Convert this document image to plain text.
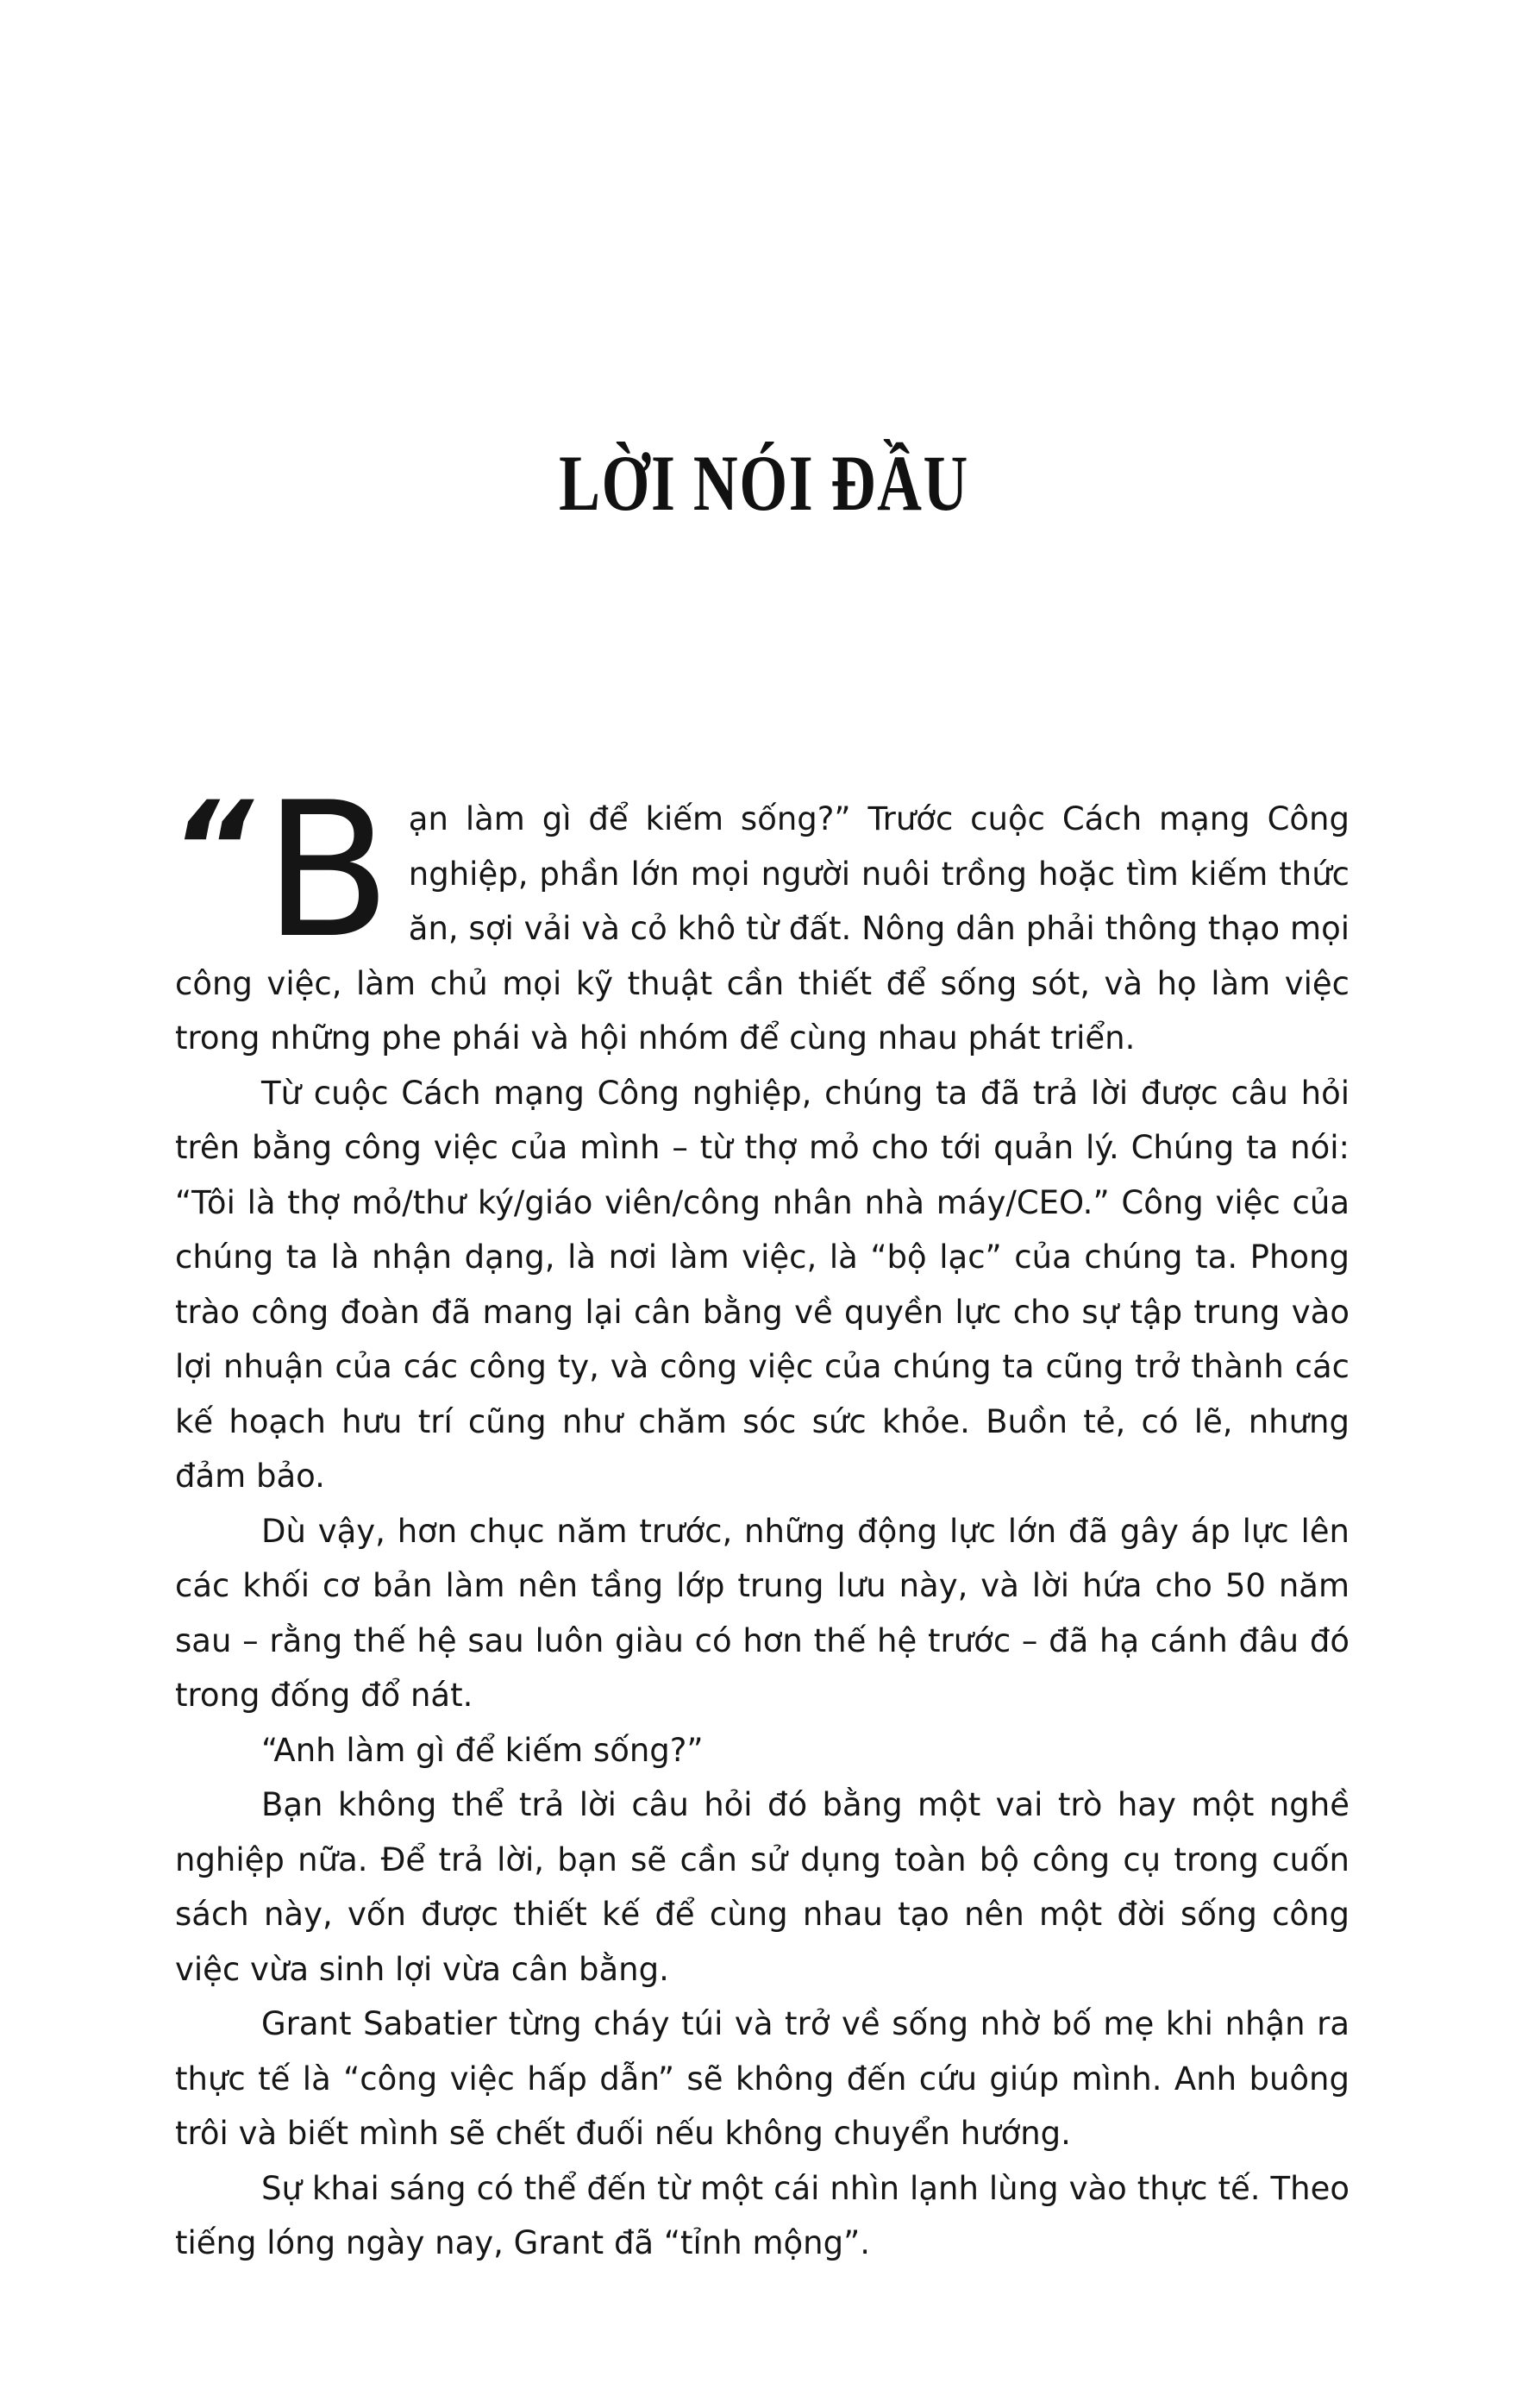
LỜI NÓI ĐẦU

“ B ạn làm gì để kiếm sống?” Trước cuộc Cách mạng Công nghiệp, phần lớn mọi người nuôi trồng hoặc tìm kiếm thức ăn, sợi vải và cỏ khô từ đất. Nông dân phải thông thạo mọi công việc, làm chủ mọi kỹ thuật cần thiết để sống sót, và họ làm việc trong những phe phái và hội nhóm để cùng nhau phát triển.

Từ cuộc Cách mạng Công nghiệp, chúng ta đã trả lời được câu hỏi trên bằng công việc của mình – từ thợ mỏ cho tới quản lý. Chúng ta nói: “Tôi là thợ mỏ/thư ký/giáo viên/công nhân nhà máy/CEO.” Công việc của chúng ta là nhận dạng, là nơi làm việc, là “bộ lạc” của chúng ta. Phong trào công đoàn đã mang lại cân bằng về quyền lực cho sự tập trung vào lợi nhuận của các công ty, và công việc của chúng ta cũng trở thành các kế hoạch hưu trí cũng như chăm sóc sức khỏe. Buồn tẻ, có lẽ, nhưng đảm bảo.

Dù vậy, hơn chục năm trước, những động lực lớn đã gây áp lực lên các khối cơ bản làm nên tầng lớp trung lưu này, và lời hứa cho 50 năm sau – rằng thế hệ sau luôn giàu có hơn thế hệ trước – đã hạ cánh đâu đó trong đống đổ nát.

“Anh làm gì để kiếm sống?”

Bạn không thể trả lời câu hỏi đó bằng một vai trò hay một nghề nghiệp nữa. Để trả lời, bạn sẽ cần sử dụng toàn bộ công cụ trong cuốn sách này, vốn được thiết kế để cùng nhau tạo nên một đời sống công việc vừa sinh lợi vừa cân bằng.

Grant Sabatier từng cháy túi và trở về sống nhờ bố mẹ khi nhận ra thực tế là “công việc hấp dẫn” sẽ không đến cứu giúp mình. Anh buông trôi và biết mình sẽ chết đuối nếu không chuyển hướng.

Sự khai sáng có thể đến từ một cái nhìn lạnh lùng vào thực tế. Theo tiếng lóng ngày nay, Grant đã “tỉnh mộng”.
